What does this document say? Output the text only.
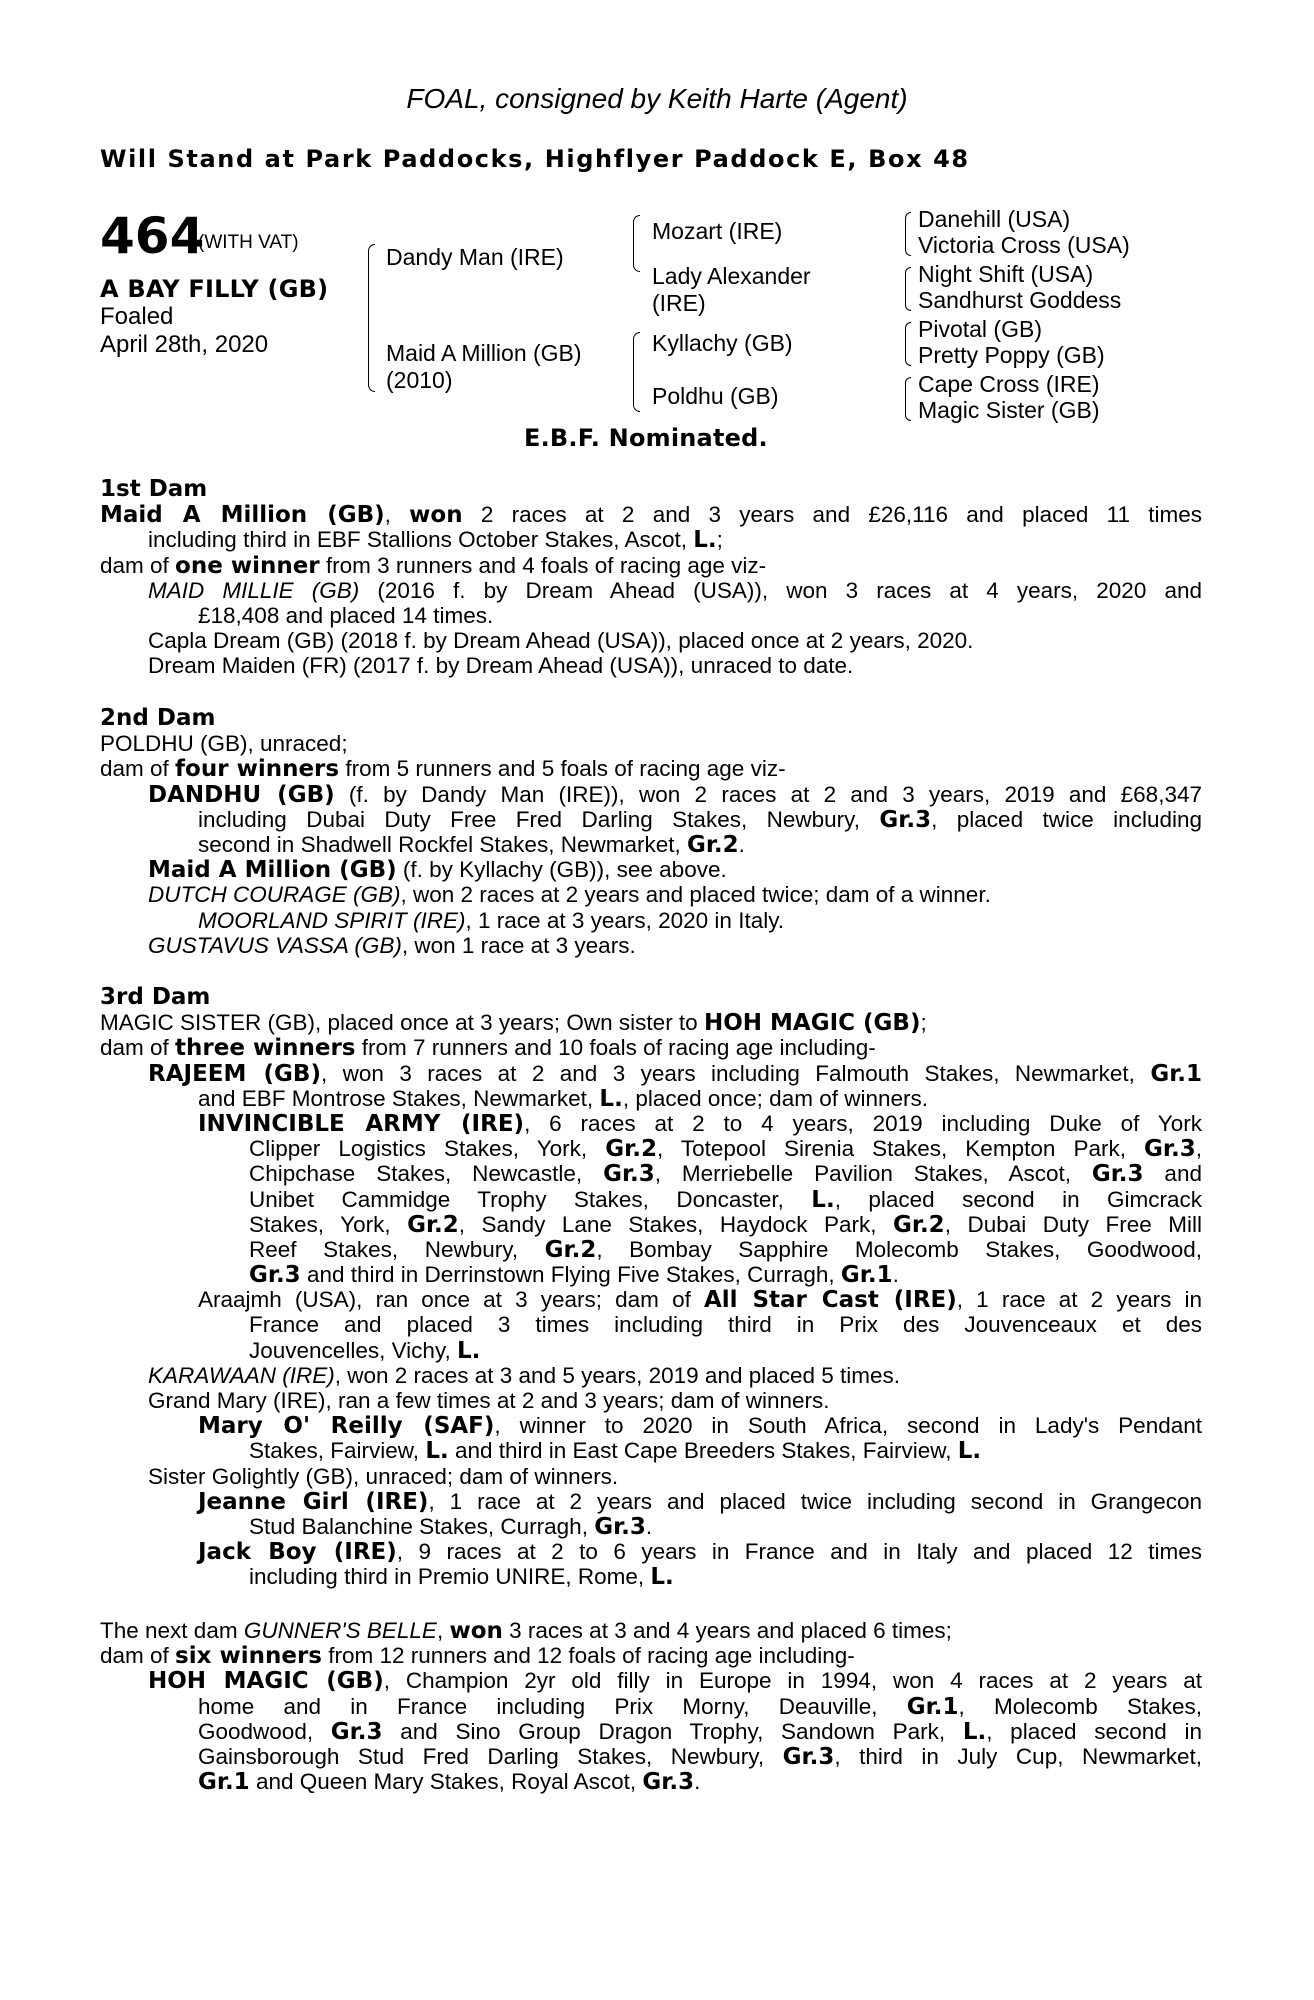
FOAL, consigned by Keith Harte (Agent)
Will Stand at Park Paddocks, Highflyer Paddock E, Box 48
464
(WITH VAT)
A BAY FILLY (GB)
Foaled
April 28th, 2020
Dandy Man (IRE)
Maid A Million (GB)
(2010)
Mozart (IRE)
Lady Alexander
(IRE)
Kyllachy (GB)
Poldhu (GB)
Danehill (USA)
Victoria Cross (USA)
Night Shift (USA)
Sandhurst Goddess
Pivotal (GB)
Pretty Poppy (GB)
Cape Cross (IRE)
Magic Sister (GB)
E.B.F. Nominated.
1st Dam
Maid A Million (GB), won 2 races at 2 and 3 years and £26,116 and placed 11 times
including third in EBF Stallions October Stakes, Ascot, L.;
dam of one winner from 3 runners and 4 foals of racing age viz-
MAID MILLIE (GB) (2016 f. by Dream Ahead (USA)), won 3 races at 4 years, 2020 and
£18,408 and placed 14 times.
Capla Dream (GB) (2018 f. by Dream Ahead (USA)), placed once at 2 years, 2020.
Dream Maiden (FR) (2017 f. by Dream Ahead (USA)), unraced to date.
2nd Dam
POLDHU (GB), unraced;
dam of four winners from 5 runners and 5 foals of racing age viz-
DANDHU (GB) (f. by Dandy Man (IRE)), won 2 races at 2 and 3 years, 2019 and £68,347
including Dubai Duty Free Fred Darling Stakes, Newbury, Gr.3, placed twice including
second in Shadwell Rockfel Stakes, Newmarket, Gr.2.
Maid A Million (GB) (f. by Kyllachy (GB)), see above.
DUTCH COURAGE (GB), won 2 races at 2 years and placed twice; dam of a winner.
MOORLAND SPIRIT (IRE), 1 race at 3 years, 2020 in Italy.
GUSTAVUS VASSA (GB), won 1 race at 3 years.
3rd Dam
MAGIC SISTER (GB), placed once at 3 years; Own sister to HOH MAGIC (GB);
dam of three winners from 7 runners and 10 foals of racing age including-
RAJEEM (GB), won 3 races at 2 and 3 years including Falmouth Stakes, Newmarket, Gr.1
and EBF Montrose Stakes, Newmarket, L., placed once; dam of winners.
INVINCIBLE ARMY (IRE), 6 races at 2 to 4 years, 2019 including Duke of York
Clipper Logistics Stakes, York, Gr.2, Totepool Sirenia Stakes, Kempton Park, Gr.3,
Chipchase Stakes, Newcastle, Gr.3, Merriebelle Pavilion Stakes, Ascot, Gr.3 and
Unibet Cammidge Trophy Stakes, Doncaster, L., placed second in Gimcrack
Stakes, York, Gr.2, Sandy Lane Stakes, Haydock Park, Gr.2, Dubai Duty Free Mill
Reef Stakes, Newbury, Gr.2, Bombay Sapphire Molecomb Stakes, Goodwood,
Gr.3 and third in Derrinstown Flying Five Stakes, Curragh, Gr.1.
Araajmh (USA), ran once at 3 years; dam of All Star Cast (IRE), 1 race at 2 years in
France and placed 3 times including third in Prix des Jouvenceaux et des
Jouvencelles, Vichy, L.
KARAWAAN (IRE), won 2 races at 3 and 5 years, 2019 and placed 5 times.
Grand Mary (IRE), ran a few times at 2 and 3 years; dam of winners.
Mary O' Reilly (SAF), winner to 2020 in South Africa, second in Lady's Pendant
Stakes, Fairview, L. and third in East Cape Breeders Stakes, Fairview, L.
Sister Golightly (GB), unraced; dam of winners.
Jeanne Girl (IRE), 1 race at 2 years and placed twice including second in Grangecon
Stud Balanchine Stakes, Curragh, Gr.3.
Jack Boy (IRE), 9 races at 2 to 6 years in France and in Italy and placed 12 times
including third in Premio UNIRE, Rome, L.
The next dam GUNNER'S BELLE, won 3 races at 3 and 4 years and placed 6 times;
dam of six winners from 12 runners and 12 foals of racing age including-
HOH MAGIC (GB), Champion 2yr old filly in Europe in 1994, won 4 races at 2 years at
home and in France including Prix Morny, Deauville, Gr.1, Molecomb Stakes,
Goodwood, Gr.3 and Sino Group Dragon Trophy, Sandown Park, L., placed second in
Gainsborough Stud Fred Darling Stakes, Newbury, Gr.3, third in July Cup, Newmarket,
Gr.1 and Queen Mary Stakes, Royal Ascot, Gr.3.
